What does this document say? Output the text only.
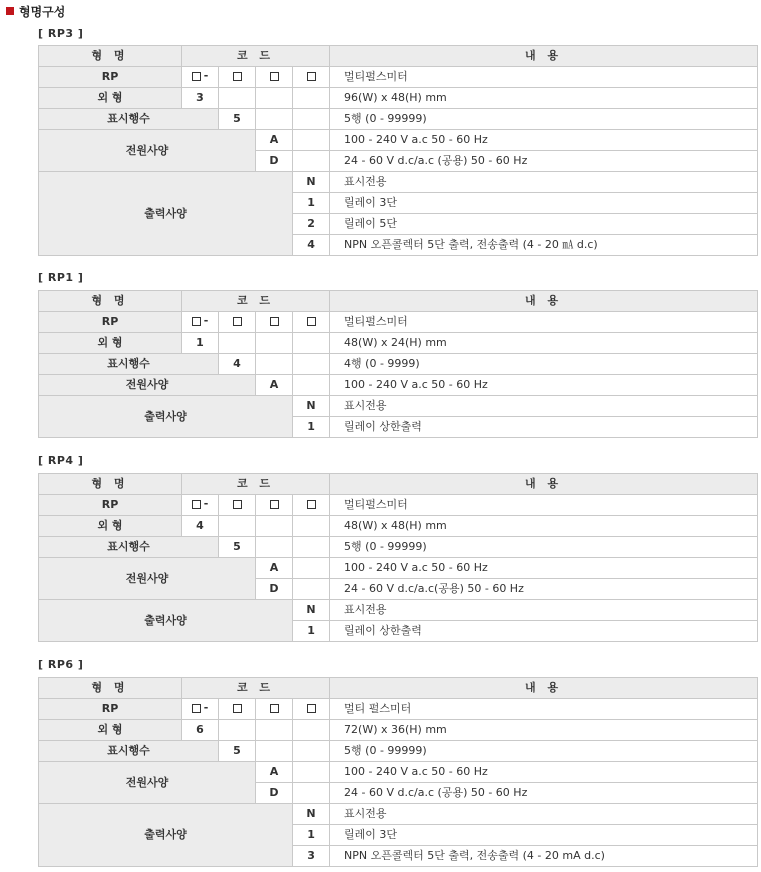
형명구성
[ RP3 ]
형 명	코 드				내 용
RP	-				멀티펄스미터
외 형	3				96(W) x 48(H) mm
표시행수		5			5행 (0 - 99999)
전원사양			A		100 - 240 V a.c 50 - 60 Hz
			D		24 - 60 V d.c/a.c (공용) 50 - 60 Hz
출력사양				N	표시전용
				1	릴레이 3단
				2	릴레이 5단
				4	NPN 오픈콜렉터 5단 출력, 전송출력 (4 - 20 ㎃ d.c)
[ RP1 ]
형 명	코 드				내 용
RP	-				멀티펄스미터
외 형	1				48(W) x 24(H) mm
표시행수		4			4행 (0 - 9999)
전원사양			A		100 - 240 V a.c 50 - 60 Hz
출력사양				N	표시전용
				1	릴레이 상한출력
[ RP4 ]
형 명	코 드				내 용
RP	-				멀티펄스미터
외 형	4				48(W) x 48(H) mm
표시행수		5			5행 (0 - 99999)
전원사양			A		100 - 240 V a.c 50 - 60 Hz
			D		24 - 60 V d.c/a.c(공용) 50 - 60 Hz
출력사양				N	표시전용
				1	릴레이 상한출력
[ RP6 ]
형 명	코 드				내 용
RP	-				멀티 펄스미터
외 형	6				72(W) x 36(H) mm
표시행수		5			5행 (0 - 99999)
전원사양			A		100 - 240 V a.c 50 - 60 Hz
			D		24 - 60 V d.c/a.c (공용) 50 - 60 Hz
출력사양				N	표시전용
				1	릴레이 3단
				3	NPN 오픈콜렉터 5단 출력, 전송출력 (4 - 20 mA d.c)
